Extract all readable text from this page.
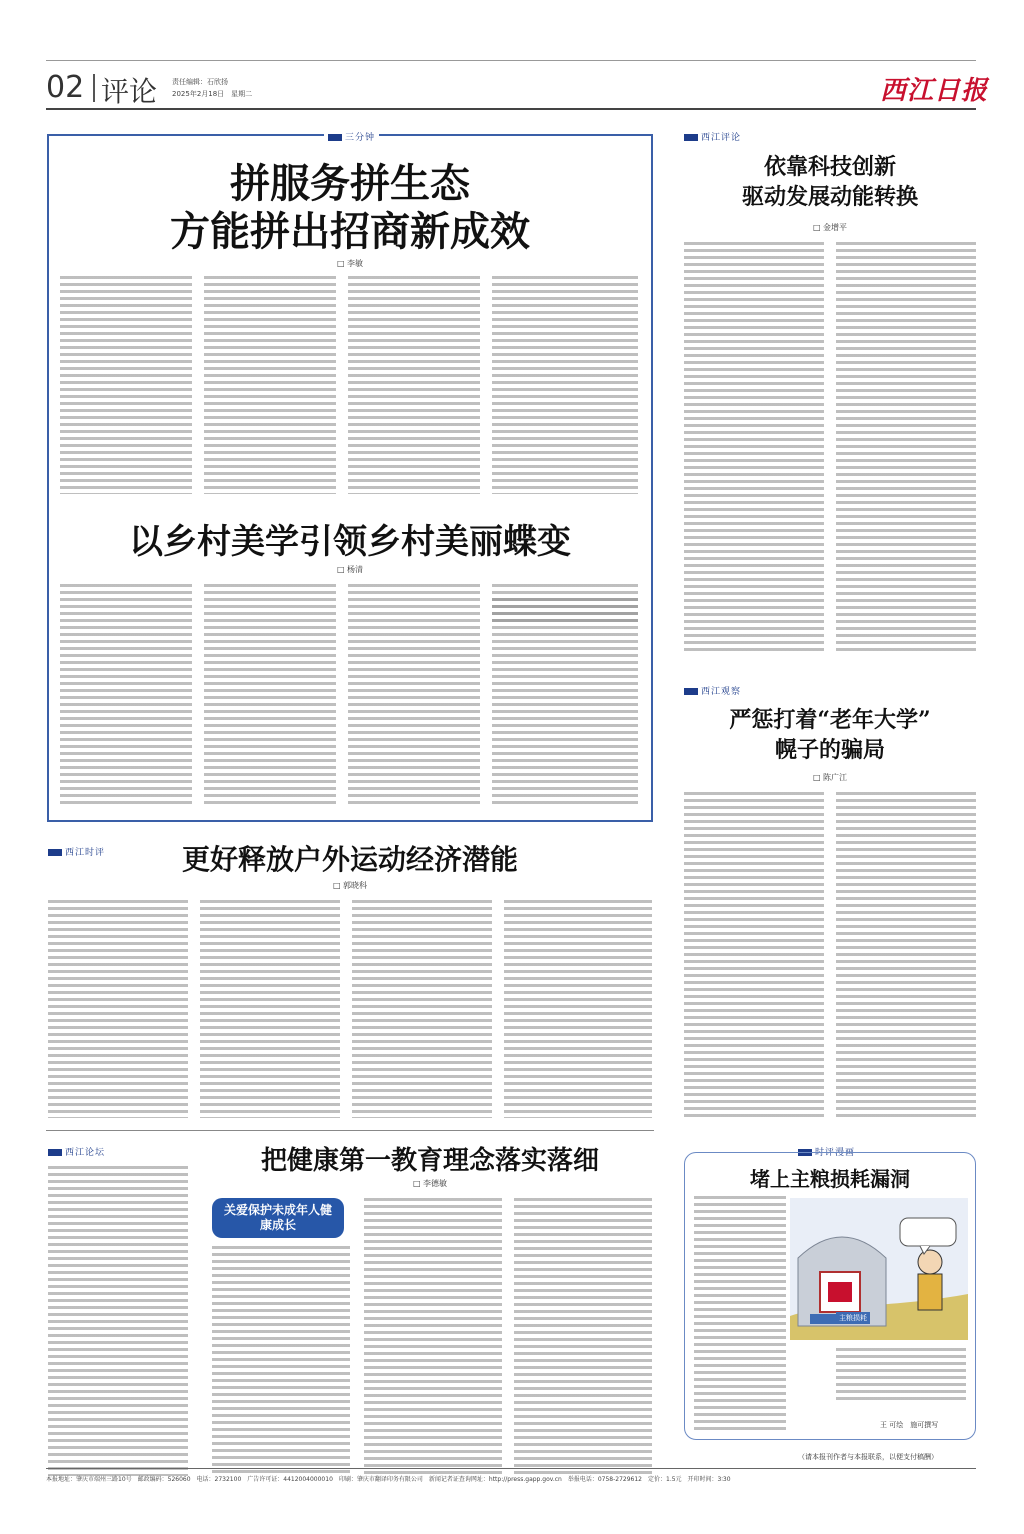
02 评论 责任编辑：石欣扬
2025年2月18日　星期二	西江日报
三分钟
拼服务拼生态
方能拼出招商新成效
□ 李敏
以乡村美学引领乡村美丽蝶变
□ 杨清
西江评论
依靠科技创新
驱动发展动能转换
□ 金增平
西江观察
严惩打着“老年大学”
幌子的骗局
□ 陈广江
西江时评	更好释放户外运动经济潜能
□ 郭晓科
西江论坛	把健康第一教育理念落实落细
□ 李德敏
关爱保护未成年人健康成长
时评漫画
堵上主粮损耗漏洞
主粮损耗
王 可绘　施可撰写
（请本报刊作者与本报联系，以便支付稿酬）
本报地址：肇庆市端州三路10号　邮政编码：526060　电话：2732100　广告许可证：4412004000010　印刷：肇庆市翻译印务有限公司　新闻记者证查询网址：http://press.gapp.gov.cn　举报电话：0758-2729612　定价：1.5元　开印时间：3∶30
